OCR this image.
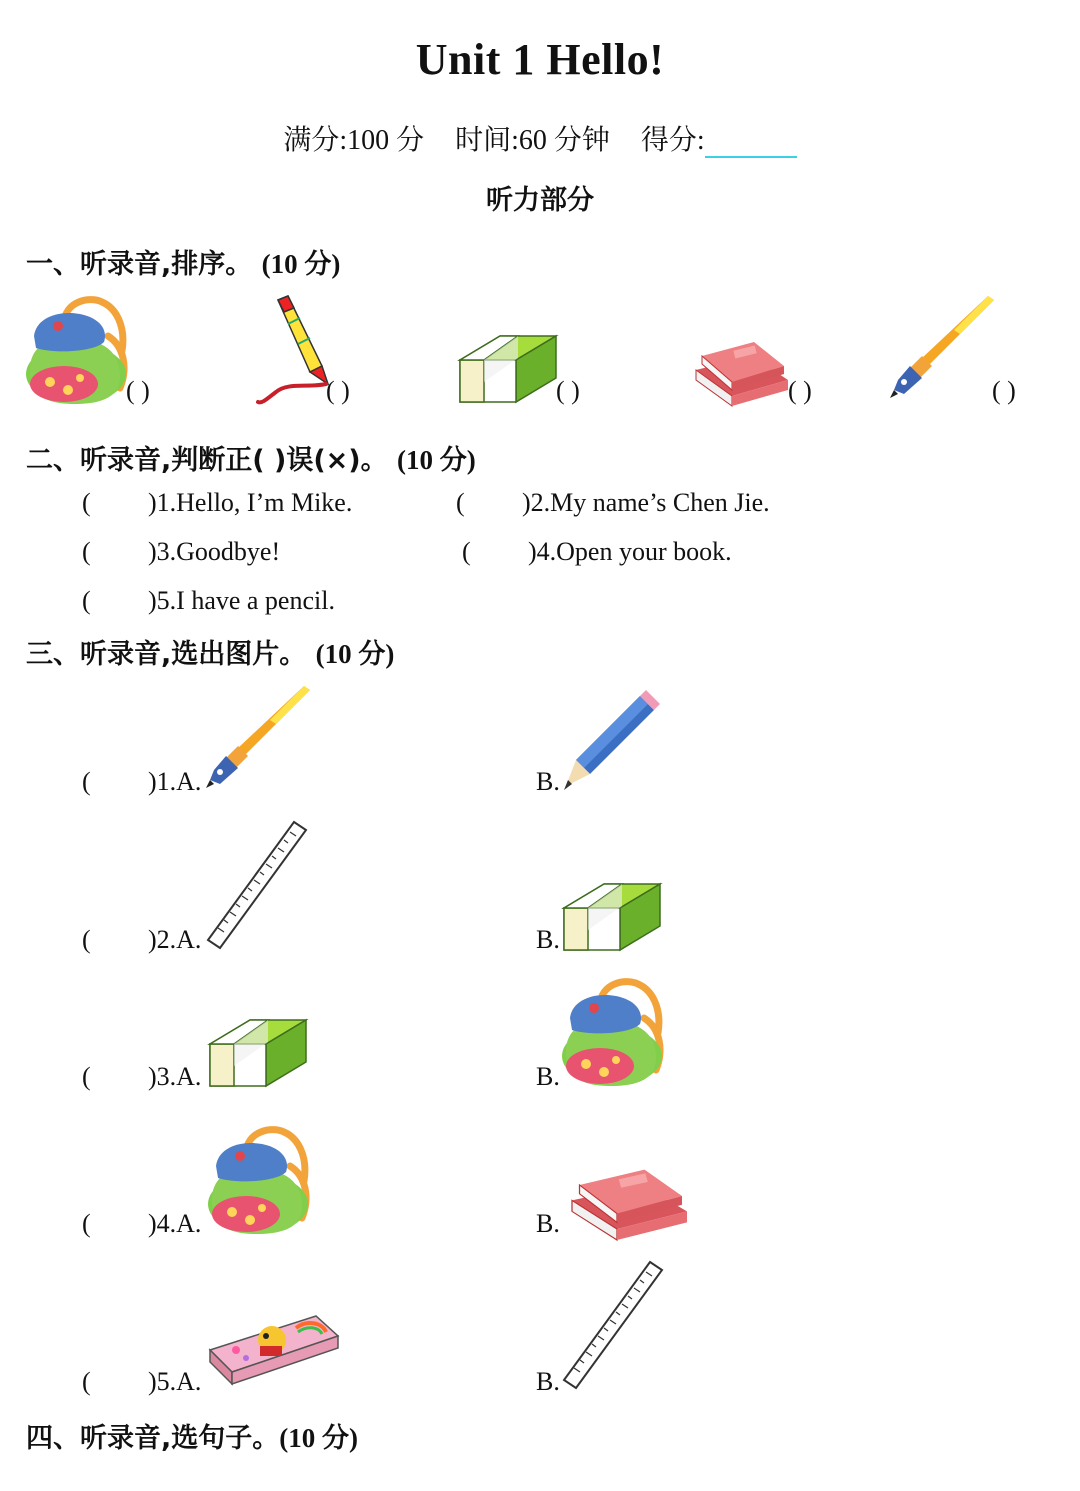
Unit 1 Hello!
满分:100 分 时间:60 分钟 得分:
听力部分
一、听录音,排序。 (10 分)
( )	( )	( )	( )	( )
二、听录音,判断正( )误(×)。 (10 分)
( )1.Hello, I’m Mike.	( )2.My name’s Chen Jie.
( )3.Goodbye!	( )4.Open your book.
( )5.I have a pencil.
三、听录音,选出图片。 (10 分)
( )1.A.	B.
( )2.A.	B.
( )3.A.	B.
( )4.A.	B.
( )5.A.	B.
四、听录音,选句子。(10 分)
